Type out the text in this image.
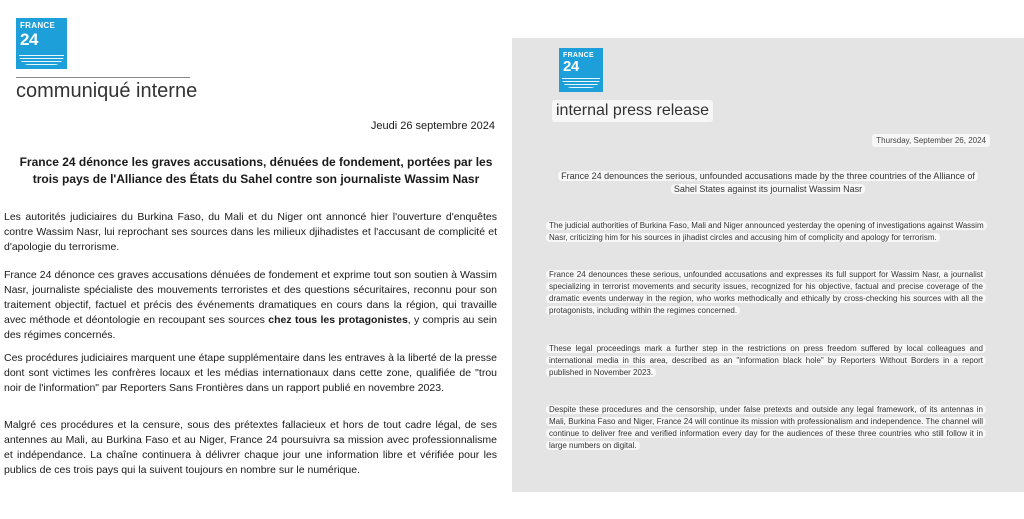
FRANCE
24
communiqué interne
Jeudi 26 septembre 2024
France 24 dénonce les graves accusations, dénuées de fondement, portées par les trois pays de l'Alliance des États du Sahel contre son journaliste Wassim Nasr
Les autorités judiciaires du Burkina Faso, du Mali et du Niger ont annoncé hier l'ouverture d'enquêtes contre Wassim Nasr, lui reprochant ses sources dans les milieux djihadistes et l'accusant de complicité et d'apologie du terrorisme.
France 24 dénonce ces graves accusations dénuées de fondement et exprime tout son soutien à Wassim Nasr, journaliste spécialiste des mouvements terroristes et des questions sécuritaires, reconnu pour son traitement objectif, factuel et précis des événements dramatiques en cours dans la région, qui travaille avec méthode et déontologie en recoupant ses sources chez tous les protagonistes, y compris au sein des régimes concernés.
Ces procédures judiciaires marquent une étape supplémentaire dans les entraves à la liberté de la presse dont sont victimes les confrères locaux et les médias internationaux dans cette zone, qualifiée de "trou noir de l'information" par Reporters Sans Frontières dans un rapport publié en novembre 2023.
Malgré ces procédures et la censure, sous des prétextes fallacieux et hors de tout cadre légal, de ses antennes au Mali, au Burkina Faso et au Niger, France 24 poursuivra sa mission avec professionnalisme et indépendance. La chaîne continuera à délivrer chaque jour une information libre et vérifiée pour les publics de ces trois pays qui la suivent toujours en nombre sur le numérique.
FRANCE
24
internal press release
Thursday, September 26, 2024
France 24 denounces the serious, unfounded accusations made by the three countries of the Alliance of Sahel States against its journalist Wassim Nasr
The judicial authorities of Burkina Faso, Mali and Niger announced yesterday the opening of investigations against Wassim Nasr, criticizing him for his sources in jihadist circles and accusing him of complicity and apology for terrorism.
France 24 denounces these serious, unfounded accusations and expresses its full support for Wassim Nasr, a journalist specializing in terrorist movements and security issues, recognized for his objective, factual and precise coverage of the dramatic events underway in the region, who works methodically and ethically by cross-checking his sources with all the protagonists, including within the regimes concerned.
These legal proceedings mark a further step in the restrictions on press freedom suffered by local colleagues and international media in this area, described as an "information black hole" by Reporters Without Borders in a report published in November 2023.
Despite these procedures and the censorship, under false pretexts and outside any legal framework, of its antennas in Mali, Burkina Faso and Niger, France 24 will continue its mission with professionalism and independence. The channel will continue to deliver free and verified information every day for the audiences of these three countries who still follow it in large numbers on digital.
